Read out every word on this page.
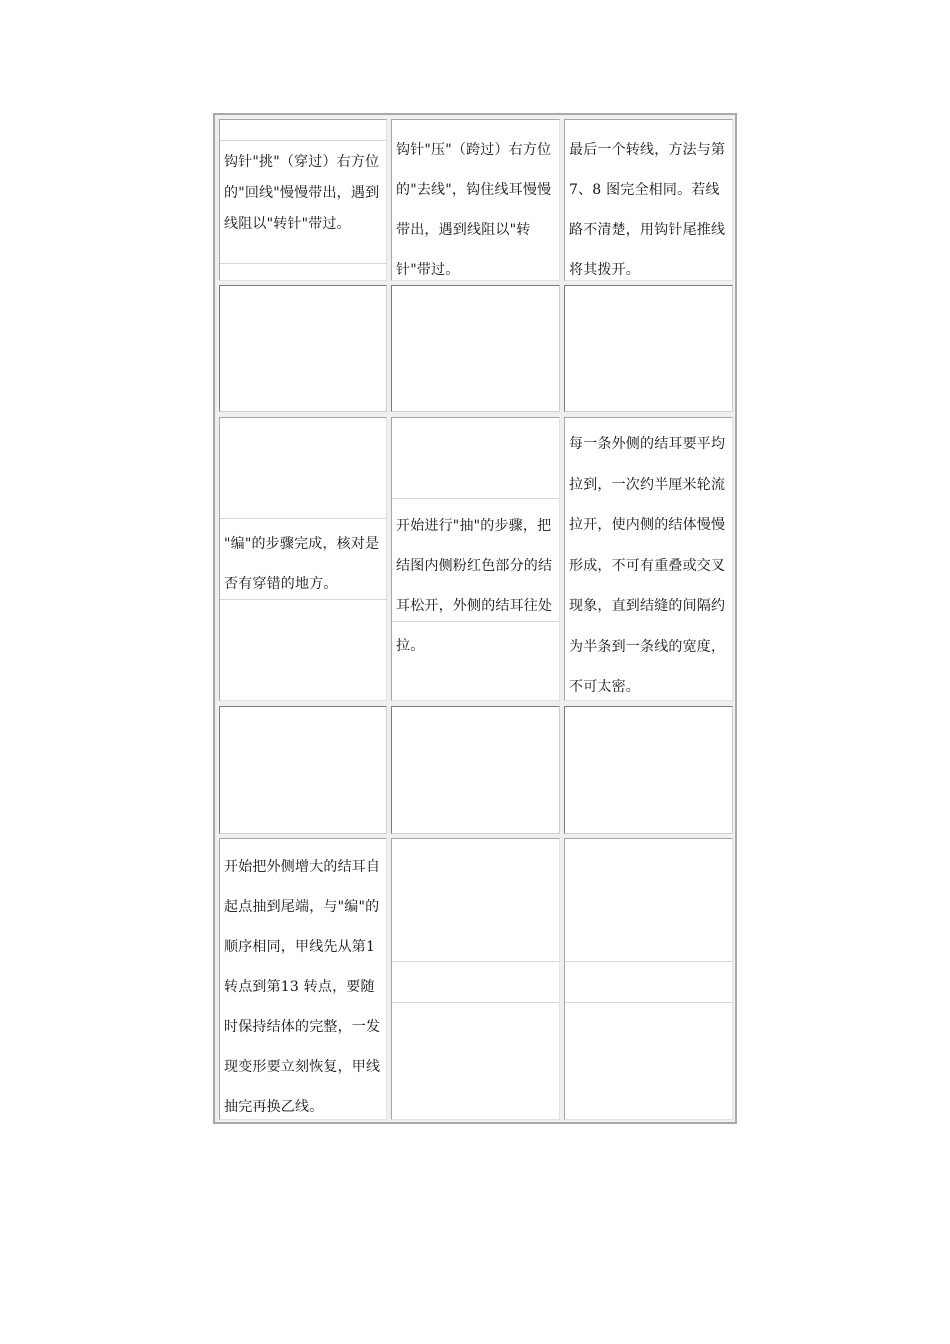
钩针"挑"（穿过）右方位的"回线"慢慢带出，遇到线阻以"转针"带过。
钩针"压"（跨过）右方位的"去线"，钩住线耳慢慢带出，遇到线阻以"转针"带过。
最后一个转线，方法与第7、8 图完全相同。若线路不清楚，用钩针尾推线将其拨开。
"编"的步骤完成，核对是否有穿错的地方。
开始进行"抽"的步骤，把结图内侧粉红色部分的结耳松开，外侧的结耳往处拉。
每一条外侧的结耳要平均拉到，一次约半厘米轮流拉开，使内侧的结体慢慢形成，不可有重叠或交叉现象，直到结缝的间隔约为半条到一条线的宽度，不可太密。
开始把外侧增大的结耳自起点抽到尾端，与"编"的顺序相同，甲线先从第1 转点到第13 转点，要随时保持结体的完整，一发现变形要立刻恢复，甲线抽完再换乙线。
